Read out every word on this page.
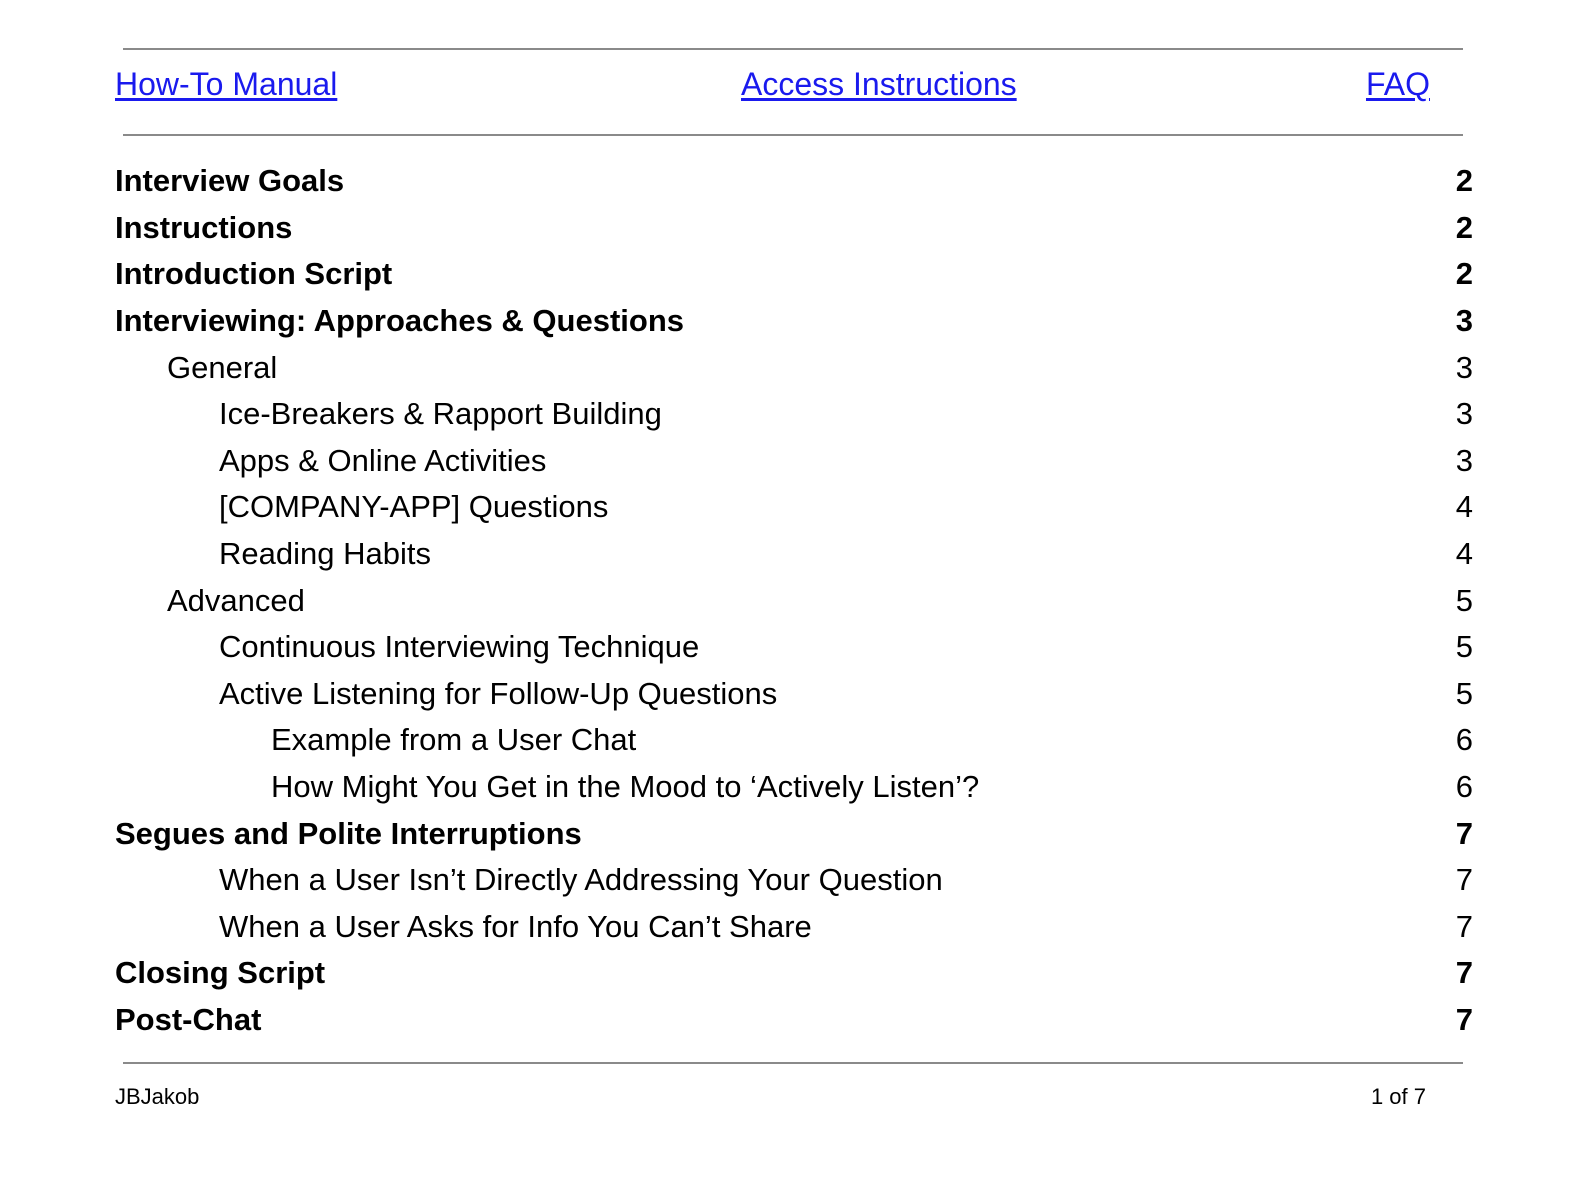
How-To Manual	Access Instructions	FAQ
Interview Goals	2
Instructions	2
Introduction Script	2
Interviewing: Approaches & Questions	3
General	3
Ice-Breakers & Rapport Building	3
Apps & Online Activities	3
[COMPANY-APP] Questions	4
Reading Habits	4
Advanced	5
Continuous Interviewing Technique	5
Active Listening for Follow-Up Questions	5
Example from a User Chat	6
How Might You Get in the Mood to ‘Actively Listen’?	6
Segues and Polite Interruptions	7
When a User Isn’t Directly Addressing Your Question	7
When a User Asks for Info You Can’t Share	7
Closing Script	7
Post-Chat	7
JBJakob	1 of 7
